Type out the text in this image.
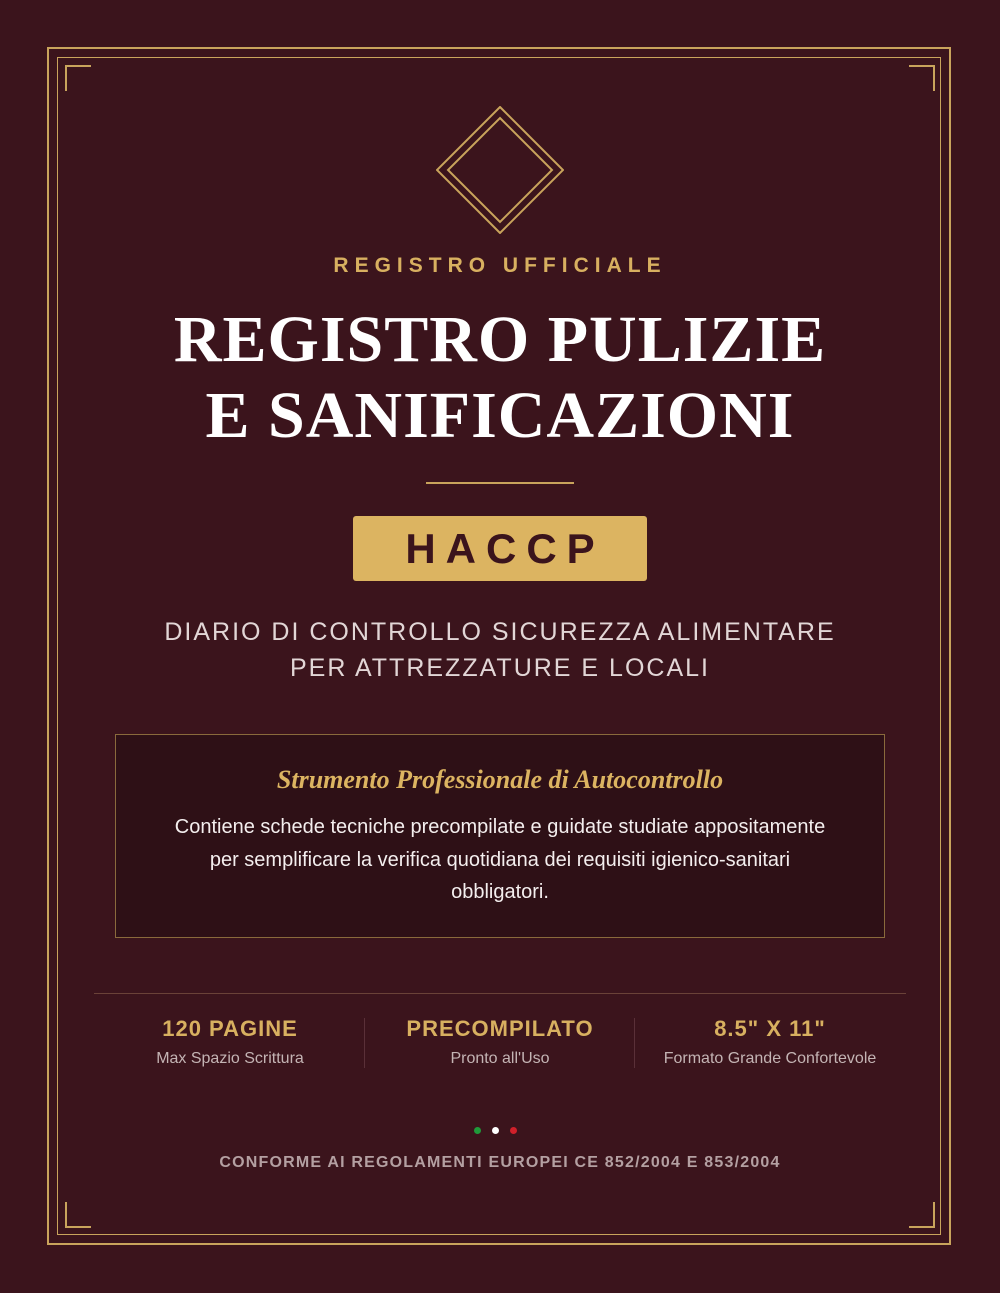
REGISTRO UFFICIALE
REGISTRO PULIZIE
E SANIFICAZIONI
HACCP
DIARIO DI CONTROLLO SICUREZZA ALIMENTARE
PER ATTREZZATURE E LOCALI
Strumento Professionale di Autocontrollo
Contiene schede tecniche precompilate e guidate studiate appositamente
per semplificare la verifica quotidiana dei requisiti igienico-sanitari
obbligatori.
120 PAGINE
Max Spazio Scrittura
PRECOMPILATO
Pronto all'Uso
8.5" X 11"
Formato Grande Confortevole
CONFORME AI REGOLAMENTI EUROPEI CE 852/2004 E 853/2004
